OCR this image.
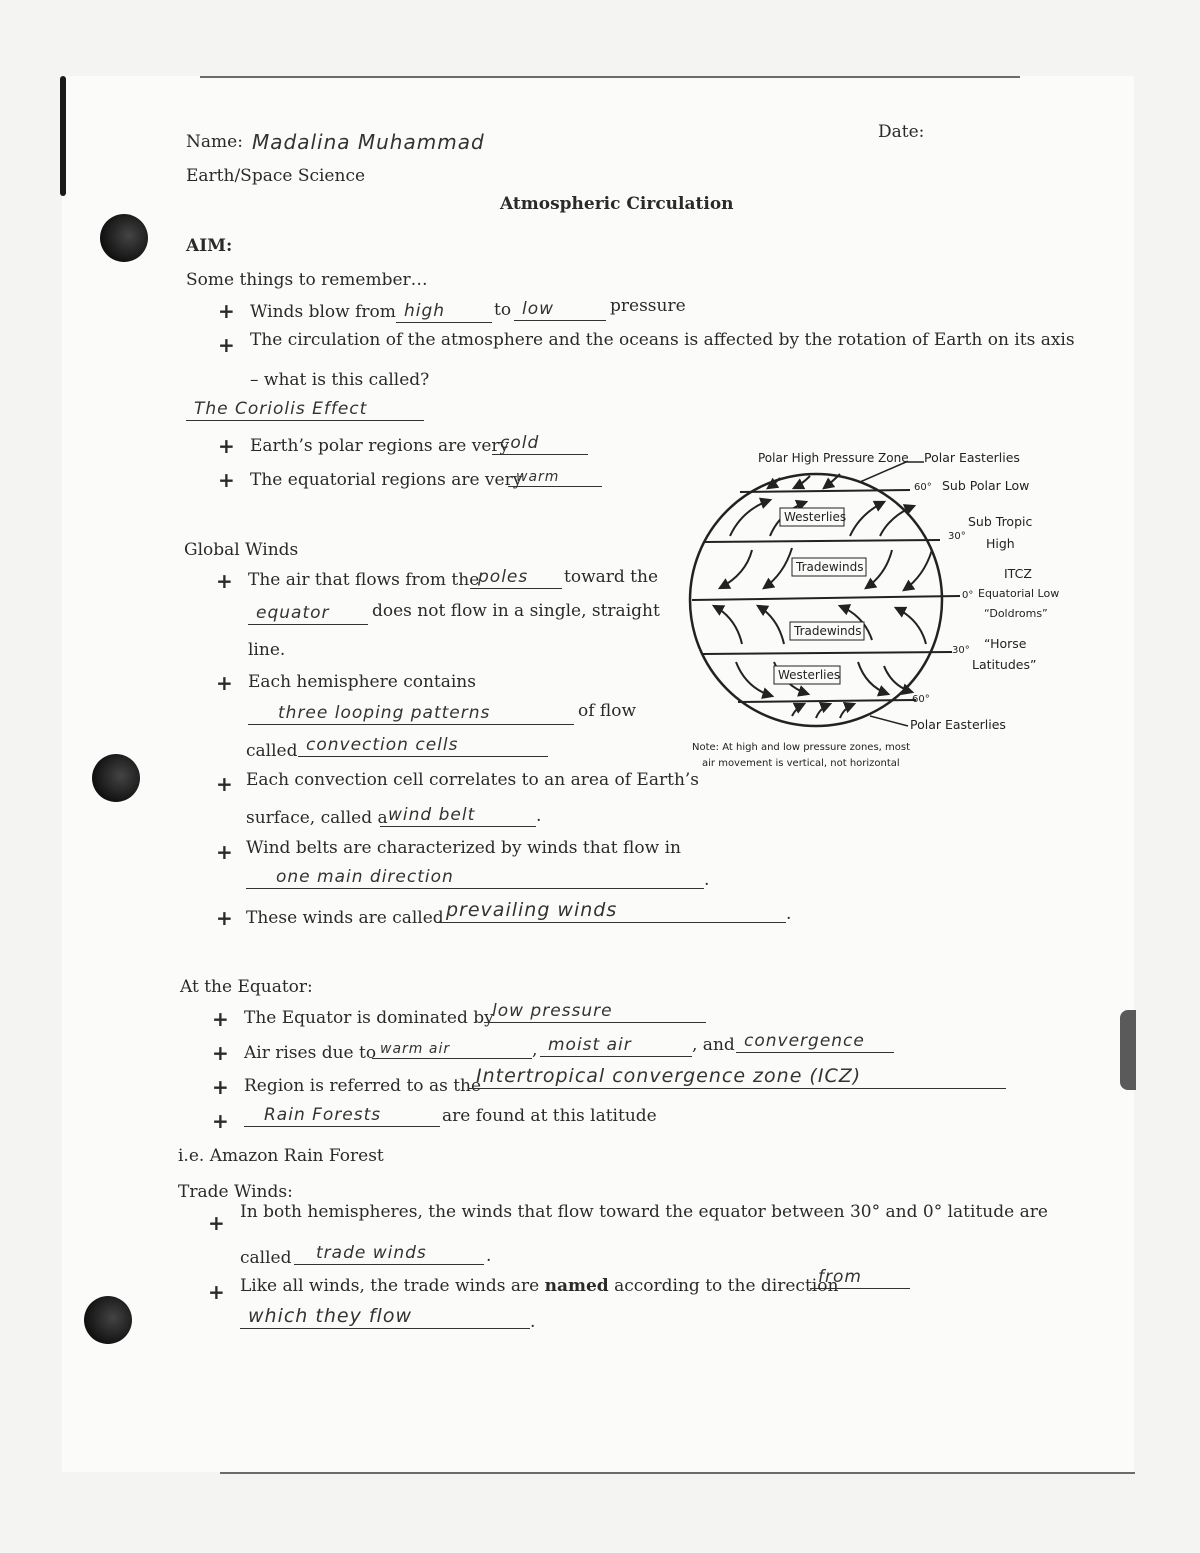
Name: Madalina Muhammad	Date:
Earth/Space Science
Atmospheric Circulation
AIM:
Some things to remember…
+ Winds blow from high	to low	pressure
+ The circulation of the atmosphere and the oceans is affected by the rotation of Earth on its axis
– what is this called?
The Coriolis Effect
+ Earth’s polar regions are very
cold
+ The equatorial regions are very
warm
Global Winds
+ The air that flows from the
poles toward the
equator	does not flow in a single, straight
line.
+ Each hemisphere contains
three looping patterns	of flow
called convection cells
+ Each convection cell correlates to an area of Earth’s
surface, called a wind belt	.
+ Wind belts are characterized by winds that flow in
one main direction	.
+ These winds are called prevailing winds	.
At the Equator:
+ The Equator is dominated by
low pressure
+ Air rises due to warm air	, moist air	, and convergence
+ Region is referred to as the
Intertropical convergence zone (ICZ)
+ Rain Forests	are found at this latitude
i.e. Amazon Rain Forest
Trade Winds:
+ In both hemispheres, the winds that flow toward the equator between 30° and 0° latitude are
called trade winds	.
+ Like all winds, the trade winds are named according to the direction
from
which they flow	.
Polar High Pressure Zone Polar Easterlies
60° Sub Polar Low
Westerlies
30°
Sub Tropic
High
Tradewinds	ITCZ
0° Equatorial Low
“Doldroms”
Tradewinds
30° “Horse
Latitudes”
Westerlies
60°
Polar Easterlies
Note: At high and low pressure zones, most
air movement is vertical, not horizontal
